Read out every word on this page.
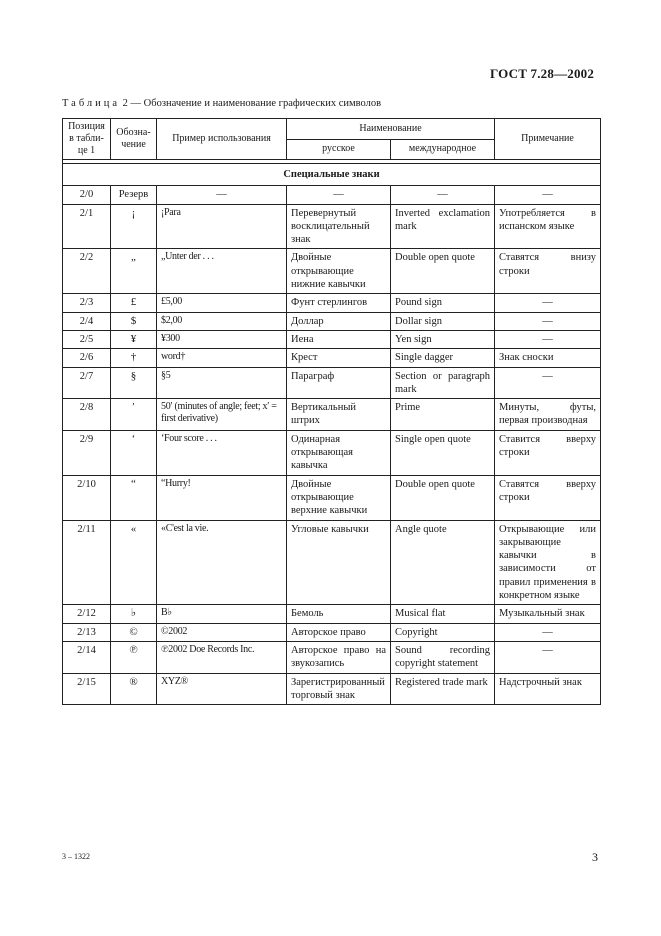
ГОСТ 7.28—2002
Таблица 2 — Обозначение и наименование графических символов
Позиция в табли- це 1	Обозна- чение	Пример использования	Наименование		Примечание
			русское	международное	

Специальные знаки					
2/0	Резерв	—	—	—	—
2/1	¡	¡Para	Перевернутый восклицательный знак	Inverted exclamation mark	Употребляется в испанском языке
2/2	„	„Unter der . . .	Двойные открывающие нижние кавычки	Double open quote	Ставятся внизу строки
2/3	£	£5,00	Фунт стерлингов	Pound sign	—
2/4	$	$2,00	Доллар	Dollar sign	—
2/5	¥	¥300	Иена	Yen sign	—
2/6	†	word†	Крест	Single dagger	Знак сноски
2/7	§	§5	Параграф	Section or paragraph mark	—
2/8	′	50′ (minutes of angle; feet; x′ = first derivative)	Вертикальный штрих	Prime	Минуты, футы, первая производная
2/9	‘	‘Four score . . .	Одинарная открывающая кавычка	Single open quote	Ставится вверху строки
2/10	“	“Hurry!	Двойные открывающие верхние кавычки	Double open quote	Ставятся вверху строки
2/11	«	«C'est la vie.	Угловые кавычки	Angle quote	Открывающие или закрывающие кавычки в зависимости от правил применения в конкретном языке
2/12	♭	B♭	Бемоль	Musical flat	Музыкальный знак
2/13	©	©2002	Авторское право	Copyright	—
2/14	℗	℗2002 Doe Records Inc.	Авторское право на звукозапись	Sound recording copyright statement	—
2/15	®	XYZ®	Зарегистрированный торговый знак	Registered trade mark	Надстрочный знак
3 – 1322	3
